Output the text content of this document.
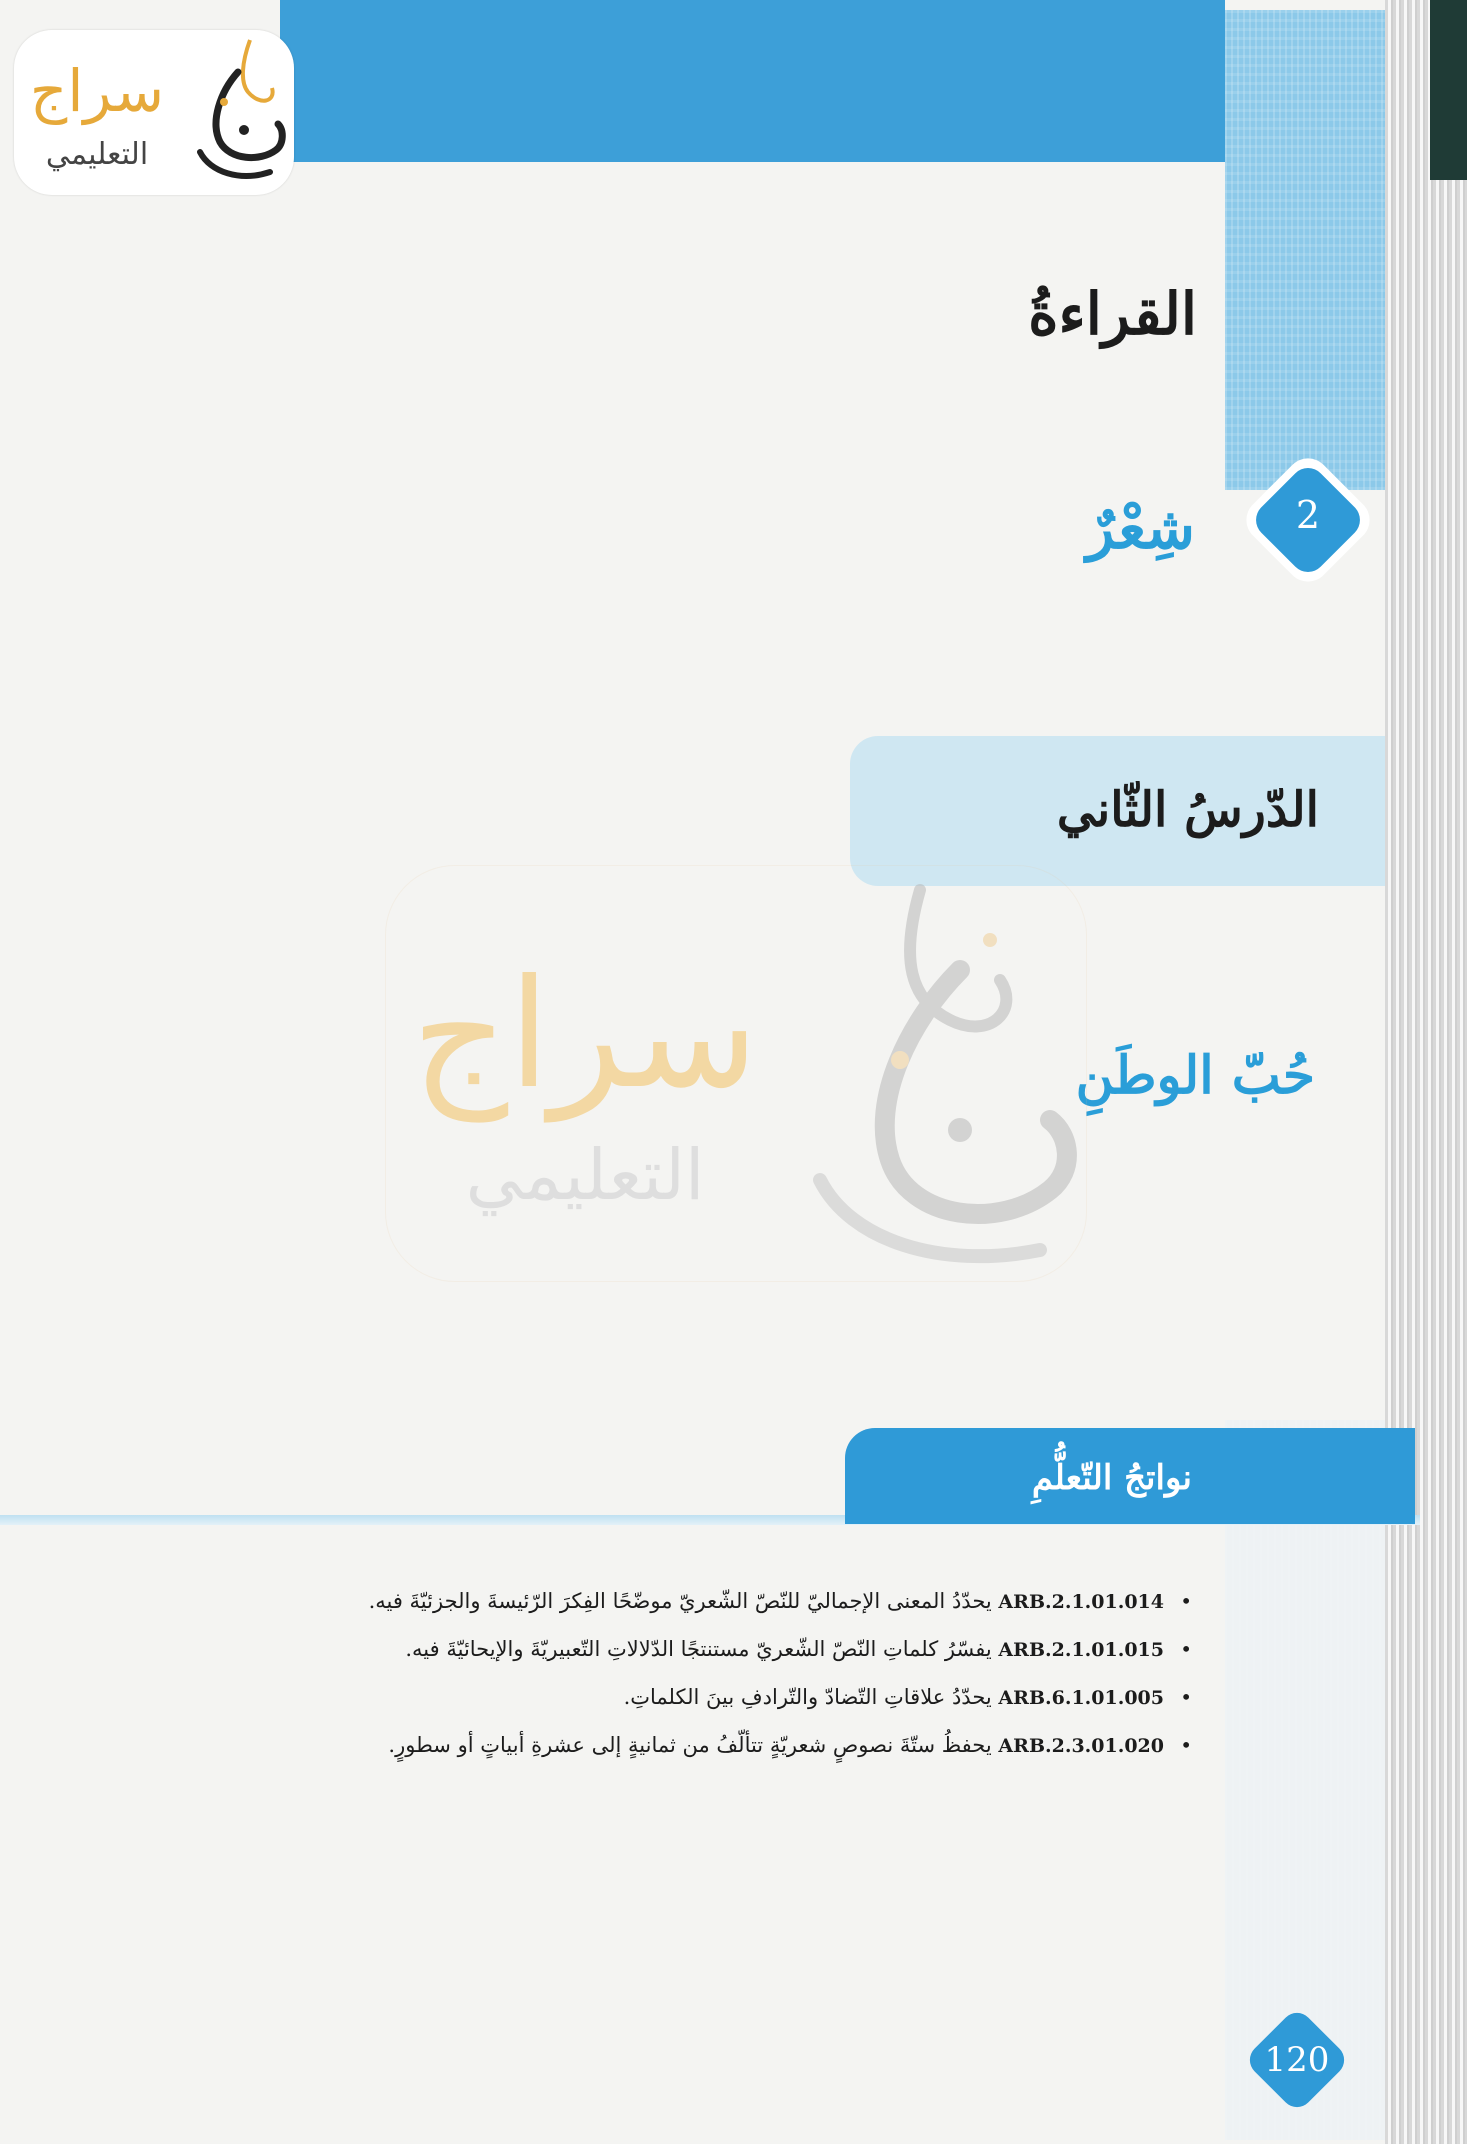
سراج
التعليمي
القراءةُ
2
شِعْرٌ
الدّرسُ الثّاني
حُبّ الوطَنِ
سراج
التعليمي
نواتجُ التّعلُّمِ
•
ARB.2.1.01.014 يحدّدُ المعنى الإجماليّ للنّصّ الشّعريّ موضّحًا الفِكرَ الرّئيسةَ والجزئيّةَ فيه.
•
ARB.2.1.01.015 يفسّرُ كلماتِ النّصّ الشّعريّ مستنتجًا الدّلالاتِ التّعبيريّةَ والإيحائيّةَ فيه.
•
ARB.6.1.01.005 يحدّدُ علاقاتِ التّضادّ والتّرادفِ بينَ الكلماتِ.
•
ARB.2.3.01.020 يحفظُ ستّةَ نصوصٍ شعريّةٍ تتألّفُ من ثمانيةٍ إلى عشرةِ أبياتٍ أو سطورٍ.
120
